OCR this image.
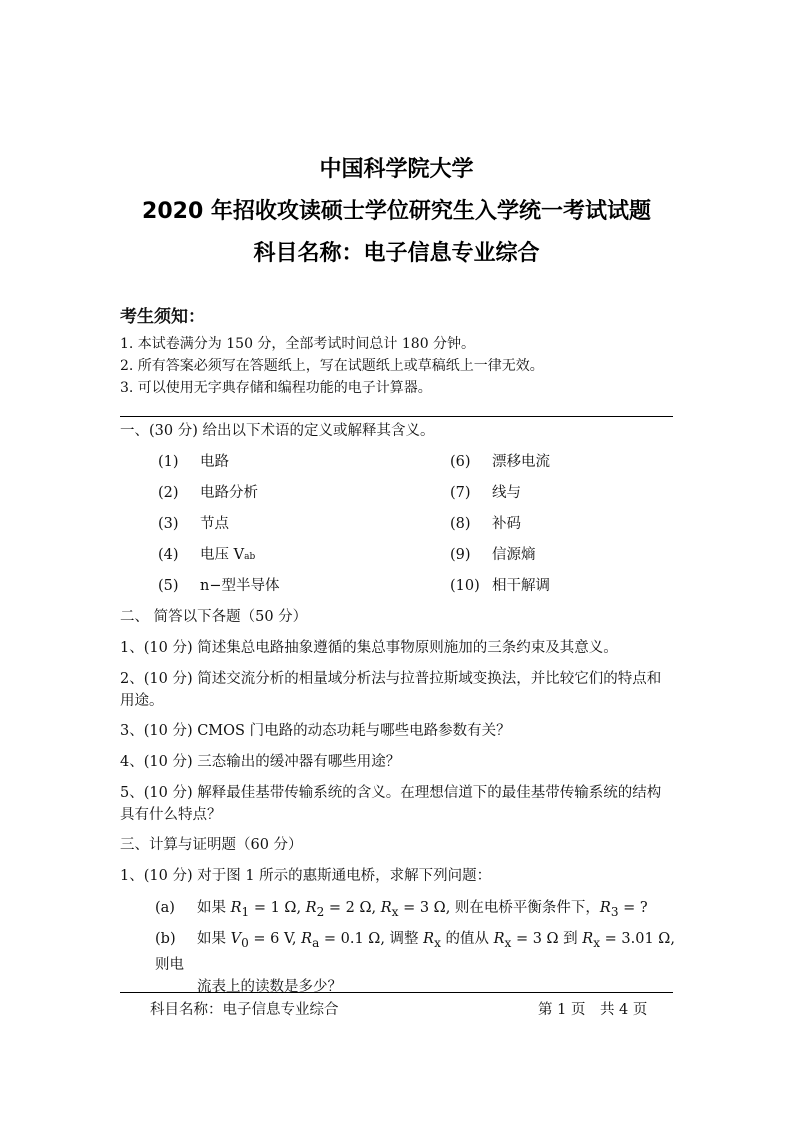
中国科学院大学
2020 年招收攻读硕士学位研究生入学统一考试试题
科目名称：电子信息专业综合
考生须知：
1. 本试卷满分为 150 分，全部考试时间总计 180 分钟。
2. 所有答案必须写在答题纸上，写在试题纸上或草稿纸上一律无效。
3. 可以使用无字典存储和编程功能的电子计算器。
一、(30 分) 给出以下术语的定义或解释其含义。
(1) 电路
(2) 电路分析
(3) 节点
(4) 电压 Vab
(5) n−型半导体
(6) 漂移电流
(7) 线与
(8) 补码
(9) 信源熵
(10) 相干解调
二、 简答以下各题（50 分）
1、(10 分) 简述集总电路抽象遵循的集总事物原则施加的三条约束及其意义。
2、(10 分) 简述交流分析的相量域分析法与拉普拉斯域变换法，并比较它们的特点和用途。
3、(10 分) CMOS 门电路的动态功耗与哪些电路参数有关？
4、(10 分) 三态输出的缓冲器有哪些用途？
5、(10 分) 解释最佳基带传输系统的含义。在理想信道下的最佳基带传输系统的结构具有什么特点？
三、计算与证明题（60 分）
1、(10 分) 对于图 1 所示的惠斯通电桥，求解下列问题：
(a) 如果 $R_1 = 1$ Ω, $R_2 = 2$ Ω, $R_x = 3$ Ω, 则在电桥平衡条件下，$R_3$ = ?
(b) 如果 $V_0 = 6$ V, $R_a = 0.1$ Ω, 调整 $R_x$ 的值从 $R_x = 3$ Ω 到 $R_x = 3.01$ Ω, 则电
流表上的读数是多少？
科目名称：电子信息专业综合	第 1 页　共 4 页
